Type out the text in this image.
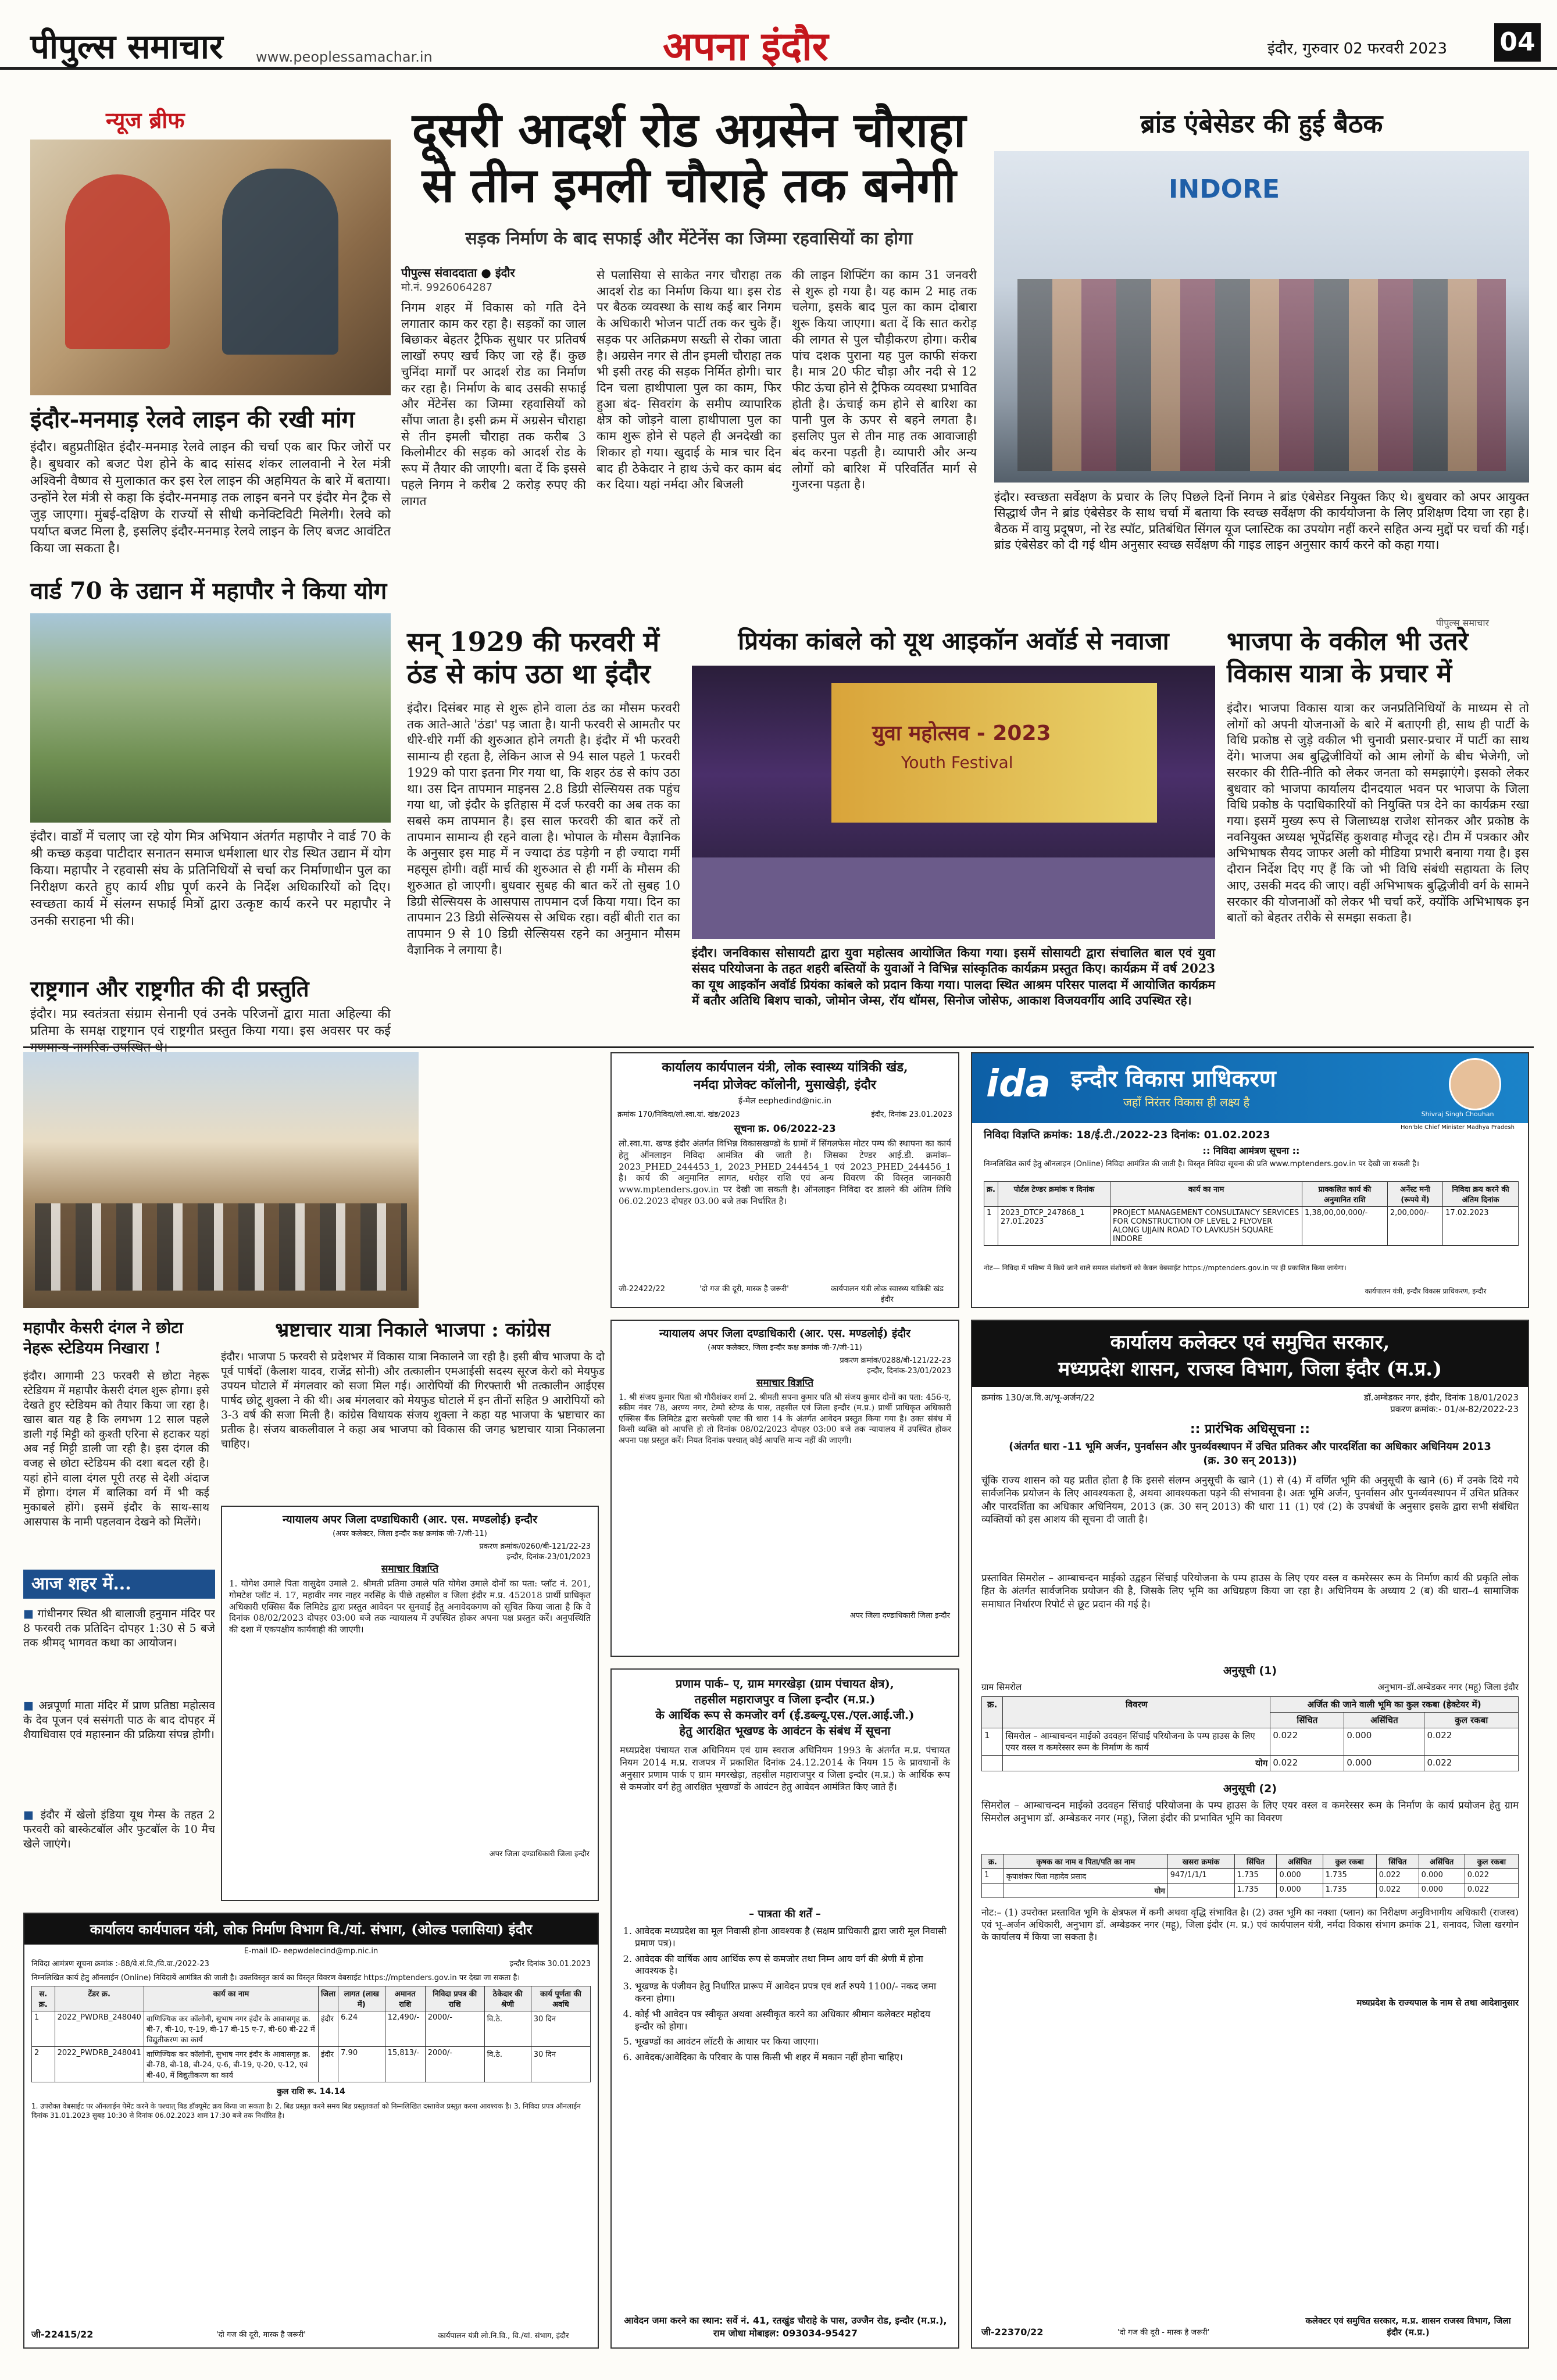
पीपुल्स समाचार www.peoplessamachar.in	अपना इंदौर	इंदौर, गुरुवार 02 फरवरी 2023 04
न्यूज ब्रीफ
इंदौर-मनमाड़ रेलवे लाइन की रखी मांग
इंदौर। बहुप्रतीक्षित इंदौर-मनमाड़ रेलवे लाइन की चर्चा एक बार फिर जोरों पर है। बुधवार को बजट पेश होने के बाद सांसद शंकर लालवानी ने रेल मंत्री अश्विनी वैष्णव से मुलाकात कर इस रेल लाइन की अहमियत के बारे में बताया। उन्होंने रेल मंत्री से कहा कि इंदौर-मनमाड़ तक लाइन बनने पर इंदौर मेन ट्रैक से जुड़ जाएगा। मुंबई-दक्षिण के राज्यों से सीधी कनेक्टिविटी मिलेगी। रेलवे को पर्याप्त बजट मिला है, इसलिए इंदौर-मनमाड़ रेलवे लाइन के लिए बजट आवंटित किया जा सकता है।
वार्ड 70 के उद्यान में महापौर ने किया योग
इंदौर। वार्डों में चलाए जा रहे योग मित्र अभियान अंतर्गत महापौर ने वार्ड 70 के श्री कच्छ कड़वा पाटीदार सनातन समाज धर्मशाला धार रोड स्थित उद्यान में योग किया। महापौर ने रहवासी संघ के प्रतिनिधियों से चर्चा कर निर्माणाधीन पुल का निरीक्षण करते हुए कार्य शीघ्र पूर्ण करने के निर्देश अधिकारियों को दिए। स्वच्छता कार्य में संलग्न सफाई मित्रों द्वारा उत्कृष्ट कार्य करने पर महापौर ने उनकी सराहना भी की।
राष्ट्रगान और राष्ट्रगीत की दी प्रस्तुति
इंदौर। मप्र स्वतंत्रता संग्राम सेनानी एवं उनके परिजनों द्वारा माता अहिल्या की प्रतिमा के समक्ष राष्ट्रगान एवं राष्ट्रगीत प्रस्तुत किया गया। इस अवसर पर कई
दूसरी आदर्श रोड अग्रसेन चौराहा
से तीन इमली चौराहे तक बनेगी
सड़क निर्माण के बाद सफाई और मेंटेनेंस का जिम्मा रहवासियों का होगा
पीपुल्स संवाददाता ● इंदौर
मो.नं. 9926064287
निगम शहर में विकास को गति देने लगातार काम कर रहा है। सड़कों का जाल बिछाकर बेहतर ट्रैफिक सुधार पर प्रतिवर्ष लाखों रुपए खर्च किए जा रहे हैं। कुछ चुनिंदा मार्गों पर आदर्श रोड का निर्माण कर रहा है। निर्माण के बाद उसकी सफाई और मेंटेनेंस का जिम्मा रहवासियों को सौंपा जाता है। इसी क्रम में अग्रसेन चौराहा से तीन इमली चौराहा तक करीब 3 किलोमीटर की सड़क को आदर्श रोड के रूप में तैयार की जाएगी। बता दें कि इससे पहले निगम ने करीब 2 करोड़ रुपए की लागत
से पलासिया से साकेत नगर चौराहा तक आदर्श रोड का निर्माण किया था। इस रोड पर बैठक व्यवस्था के साथ कई बार निगम के अधिकारी भोजन पार्टी तक कर चुके हैं। सड़क पर अतिक्रमण सख्ती से रोका जाता है। अग्रसेन नगर से तीन इमली चौराहा तक भी इसी तरह की सड़क निर्मित होगी। चार दिन चला हाथीपाला पुल का काम, फिर हुआ बंद- सिवरांग के समीप व्यापारिक क्षेत्र को जोड़ने वाला हाथीपाला पुल का काम शुरू होने से पहले ही अनदेखी का शिकार हो गया। खुदाई के मात्र चार दिन बाद ही ठेकेदार ने हाथ ऊंचे कर काम बंद कर दिया। यहां नर्मदा और बिजली
की लाइन शिफ्टिंग का काम 31 जनवरी से शुरू हो गया है। यह काम 2 माह तक चलेगा, इसके बाद पुल का काम दोबारा शुरू किया जाएगा। बता दें कि सात करोड़ की लागत से पुल चौड़ीकरण होगा। करीब पांच दशक पुराना यह पुल काफी संकरा है। मात्र 20 फीट चौड़ा और नदी से 12 फीट ऊंचा होने से ट्रैफिक व्यवस्था प्रभावित होती है। ऊंचाई कम होने से बारिश का पानी पुल के ऊपर से बहने लगता है। इसलिए पुल से तीन माह तक आवाजाही बंद करना पड़ती है। व्यापारी और अन्य लोगों को बारिश में परिवर्तित मार्ग से गुजरना पड़ता है।
ब्रांड एंबेसेडर की हुई बैठक
INDORE
इंदौर। स्वच्छता सर्वेक्षण के प्रचार के लिए पिछले दिनों निगम ने ब्रांड एंबेसेडर नियुक्त किए थे। बुधवार को अपर आयुक्त सिद्धार्थ जैन ने ब्रांड एंबेसेडर के साथ चर्चा में बताया कि स्वच्छ सर्वेक्षण की कार्ययोजना के लिए प्रशिक्षण दिया जा रहा है। बैठक में वायु प्रदूषण, नो रेड स्पॉट, प्रतिबंधित सिंगल यूज प्लास्टिक का उपयोग नहीं करने सहित अन्य मुद्दों पर चर्चा की गई। ब्रांड एंबेसेडर को दी गई थीम अनुसार स्वच्छ सर्वेक्षण की गाइड लाइन अनुसार कार्य करने को कहा गया।
पीपुल्स समाचार
सन् 1929 की फरवरी में
ठंड से कांप उठा था इंदौर
इंदौर। दिसंबर माह से शुरू होने वाला ठंड का मौसम फरवरी तक आते-आते 'ठंडा' पड़ जाता है। यानी फरवरी से आमतौर पर धीरे-धीरे गर्मी की शुरुआत होने लगती है। इंदौर में भी फरवरी सामान्य ही रहता है, लेकिन आज से 94 साल पहले 1 फरवरी 1929 को पारा इतना गिर गया था, कि शहर ठंड से कांप उठा था। उस दिन तापमान माइनस 2.8 डिग्री सेल्सियस तक पहुंच गया था, जो इंदौर के इतिहास में दर्ज फरवरी का अब तक का सबसे कम तापमान है। इस साल फरवरी की बात करें तो तापमान सामान्य ही रहने वाला है। भोपाल के मौसम वैज्ञानिक के अनुसार इस माह में न ज्यादा ठंड पड़ेगी न ही ज्यादा गर्मी महसूस होगी। वहीं मार्च की शुरुआत से ही गर्मी के मौसम की शुरुआत हो जाएगी। बुधवार सुबह की बात करें तो सुबह 10 डिग्री सेल्सियस के आसपास तापमान दर्ज किया गया। दिन का तापमान 23 डिग्री सेल्सियस से अधिक रहा। वहीं बीती रात का तापमान 9 से 10 डिग्री सेल्सियस रहने का अनुमान मौसम वैज्ञानिक ने लगाया है।
प्रियंका कांबले को यूथ आइकॉन अवॉर्ड से नवाजा
युवा महोत्सव - 2023
Youth Festival
इंदौर। जनविकास सोसायटी द्वारा युवा महोत्सव आयोजित किया गया। इसमें सोसायटी द्वारा संचालित बाल एवं युवा संसद परियोजना के तहत शहरी बस्तियों के युवाओं ने विभिन्न सांस्कृतिक कार्यक्रम प्रस्तुत किए। कार्यक्रम में वर्ष 2023 का यूथ आइकॉन अवॉर्ड प्रियंका कांबले को प्रदान किया गया। पालदा स्थित आश्रम परिसर पालदा में आयोजित कार्यक्रम में बतौर अतिथि बिशप चाको, जोमोन जेम्स, रॉय थॉमस, सिनोज जोसेफ, आकाश विजयवर्गीय आदि उपस्थित रहे।
भाजपा के वकील भी उतरे
विकास यात्रा के प्रचार में
इंदौर। भाजपा विकास यात्रा कर जनप्रतिनिधियों के माध्यम से तो लोगों को अपनी योजनाओं के बारे में बताएगी ही, साथ ही पार्टी के विधि प्रकोष्ठ से जुड़े वकील भी चुनावी प्रसार-प्रचार में पार्टी का साथ देंगे। भाजपा अब बुद्धिजीवियों को आम लोगों के बीच भेजेगी, जो सरकार की रीति-नीति को लेकर जनता को समझाएंगे। इसको लेकर बुधवार को भाजपा कार्यालय दीनदयाल भवन पर भाजपा के जिला विधि प्रकोष्ठ के पदाधिकारियों को नियुक्ति पत्र देने का कार्यक्रम रखा गया। इसमें मुख्य रूप से जिलाध्यक्ष राजेश सोनकर और प्रकोष्ठ के नवनियुक्त अध्यक्ष भूपेंद्रसिंह कुशवाह मौजूद रहे। टीम में पत्रकार और अभिभाषक सैयद जाफर अली को मीडिया प्रभारी बनाया गया है। इस दौरान निर्देश दिए गए हैं कि जो भी विधि संबंधी सहायता के लिए आए, उसकी मदद की जाए। वहीं अभिभाषक बुद्धिजीवी वर्ग के सामने सरकार की योजनाओं को लेकर भी चर्चा करें, क्योंकि अभिभाषक इन बातों को बेहतर तरीके से समझा सकता है।
महापौर केसरी दंगल ने छोटा
नेहरू स्टेडियम निखारा !
इंदौर। आगामी 23 फरवरी से छोटा नेहरू स्टेडियम में महापौर केसरी दंगल शुरू होगा। इसे देखते हुए स्टेडियम को तैयार किया जा रहा है। खास बात यह है कि लगभग 12 साल पहले डाली गई मिट्टी को कुश्ती एरिना से हटाकर यहां अब नई मिट्टी डाली जा रही है। इस दंगल की वजह से छोटा स्टेडियम की दशा बदल रही है। यहां होने वाला दंगल पूरी तरह से देशी अंदाज में होगा। दंगल में बालिका वर्ग में भी कई मुकाबले होंगे। इसमें इंदौर के साथ-साथ आसपास के नामी पहलवान देखने को मिलेंगे।
आज शहर में...
■ गांधीनगर स्थित श्री बालाजी हनुमान मंदिर पर 8 फरवरी तक प्रतिदिन दोपहर 1:30 से 5 बजे तक श्रीमद् भागवत कथा का आयोजन।
■ अन्नपूर्णा माता मंदिर में प्राण प्रतिष्ठा महोत्सव के देव पूजन एवं ससंगती पाठ के बाद दोपहर में शैयाधिवास एवं महास्नान की प्रक्रिया संपन्न होगी।
■ इंदौर में खेलो इंडिया यूथ गेम्स के तहत 2 फरवरी को बास्केटबॉल और फुटबॉल के 10 मैच खेले जाएंगे।
भ्रष्टाचार यात्रा निकाले भाजपा : कांग्रेस
इंदौर। भाजपा 5 फरवरी से प्रदेशभर में विकास यात्रा निकालने जा रही है। इसी बीच भाजपा के दो पूर्व पार्षदों (कैलाश यादव, राजेंद्र सोनी) और तत्कालीन एमआईसी सदस्य सूरज केरो को मेयफुड उपयन घोटाले में मंगलवार को सजा मिल गई। आरोपियों की गिरफ्तारी भी तत्कालीन आईएस पार्षद छोटू शुक्ला ने की थी। अब मंगलवार को मेयफुड घोटाले में इन तीनों सहित 9 आरोपियों को 3-3 वर्ष की सजा मिली है। कांग्रेस विधायक संजय शुक्ला ने कहा यह भाजपा के भ्रष्टाचार का प्रतीक है। संजय बाकलीवाल ने कहा अब भाजपा को विकास की जगह भ्रष्टाचार यात्रा निकालना चाहिए।
कार्यालय कार्यपालन यंत्री, लोक स्वास्थ्य यांत्रिकी खंड,
नर्मदा प्रोजेक्ट कॉलोनी, मुसाखेड़ी, इंदौर
ई-मेल eephedind@nic.in
क्रमांक 170/निविदा/लो.स्वा.यां. खंड/2023	इंदौर, दिनांक 23.01.2023
सूचना क्र. 06/2022-23
लो.स्वा.या. खण्ड इंदौर अंतर्गत विभिन्न विकासखण्डों के ग्रामों में सिंगलफेस मोटर पम्प की स्थापना का कार्य हेतु ऑनलाइन निविदा आमंत्रित की जाती है। जिसका टेण्डर आई.डी. क्रमांक– 2023_PHED_244453_1, 2023_PHED_244454_1 एवं 2023_PHED_244456_1 है। कार्य की अनुमानित लागत, धरोहर राशि एवं अन्य विवरण की विस्तृत जानकारी www.mptenders.gov.in पर देखी जा सकती है। ऑनलाइन निविदा दर डालने की अंतिम तिथि 06.02.2023 दोपहर 03.00 बजे तक निर्धारित है।
जी-22422/22	'दो गज की दूरी, मास्क है जरूरी'	कार्यपालन यंत्री लोक स्वास्थ्य यांत्रिकी खंड इंदौर
ida इन्दौर विकास प्राधिकरण
जहाँ निरंतर विकास ही लक्ष्य है
Shivraj Singh Chouhan
Hon'ble Chief Minister Madhya Pradesh
निविदा विज्ञप्ति क्रमांक: 18/ई.टी./2022-23 दिनांक: 01.02.2023
:: निविदा आमंत्रण सूचना ::
निम्नलिखित कार्य हेतु ऑनलाइन (Online) निविदा आमंत्रित की जाती है। विस्तृत निविदा सूचना की प्रति www.mptenders.gov.in पर देखी जा सकती है।
क्र.	पोर्टल टेण्डर क्रमांक व दिनांक	कार्य का नाम	प्राक्कलित कार्य की अनुमानित राशि	अर्नेस्ट मनी (रूपये में)	निविदा क्रय करने की अंतिम दिनांक
1	2023_DTCP_247868_1 27.01.2023	PROJECT MANAGEMENT CONSULTANCY SERVICES FOR CONSTRUCTION OF LEVEL 2 FLYOVER ALONG UJJAIN ROAD TO LAVKUSH SQUARE INDORE	1,38,00,00,000/-	2,00,000/-	17.02.2023
नोट— निविदा में भविष्य में किये जाने वाले समस्त संशोधनों को केवल वेबसाईट https://mptenders.gov.in पर ही प्रकाशित किया जायेगा।
कार्यपालन यंत्री, इन्दौर विकास प्राधिकरण, इन्दौर
न्यायालय अपर जिला दण्डाधिकारी (आर. एस. मण्डलोई) इंदौर
(अपर कलेक्टर, जिला इन्दौर कक्ष क्रमांक जी-7/जी-11)
प्रकरण क्रमांक/0288/बी-121/22-23
इन्दौर, दिनांक-23/01/2023
समाचार विज्ञप्ति
1. श्री संजय कुमार पिता श्री गौरीशंकर शर्मा 2. श्रीमती सपना कुमार पति श्री संजय कुमार दोनों का पता: 456-ए, स्कीम नंबर 78, अरण्य नगर, टेम्पो स्टेण्ड के पास, तहसील एवं जिला इन्दौर (म.प्र.) प्रार्थी प्राधिकृत अधिकारी एक्सिस बैंक लिमिटेड द्वारा सरफेसी एक्ट की धारा 14 के अंतर्गत आवेदन प्रस्तुत किया गया है। उक्त संबंध में किसी व्यक्ति को आपत्ति हो तो दिनांक 08/02/2023 दोपहर 03:00 बजे तक न्यायालय में उपस्थित होकर अपना पक्ष प्रस्तुत करें। नियत दिनांक पश्चात् कोई आपत्ति मान्य नहीं की जाएगी।
अपर जिला दण्डाधिकारी जिला इन्दौर
न्यायालय अपर जिला दण्डाधिकारी (आर. एस. मण्डलोई) इन्दौर
(अपर कलेक्टर, जिला इन्दौर कक्ष क्रमांक जी-7/जी-11)
प्रकरण क्रमांक/0260/बी-121/22-23
इन्दौर, दिनांक-23/01/2023
समाचार विज्ञप्ति
1. योगेश उमाले पिता वासुदेव उमाले 2. श्रीमती प्रतिमा उमाले पति योगेश उमाले दोनों का पता: प्लॉट नं. 201, गोमटेश प्लॉट नं. 17, महावीर नगर नाहर नरसिंह के पीछे तहसील व जिला इंदौर म.प्र. 452018 प्रार्थी प्राधिकृत अधिकारी एक्सिस बैंक लिमिटेड द्वारा प्रस्तुत आवेदन पर सुनवाई हेतु अनावेदकगण को सूचित किया जाता है कि वे दिनांक 08/02/2023 दोपहर 03:00 बजे तक न्यायालय में उपस्थित होकर अपना पक्ष प्रस्तुत करें। अनुपस्थिति की दशा में एकपक्षीय कार्यवाही की जाएगी।
अपर जिला दण्डाधिकारी जिला इन्दौर
प्रणाम पार्क– ए, ग्राम मगरखेड़ा (ग्राम पंचायत क्षेत्र),
तहसील महाराजपुर व जिला इन्दौर (म.प्र.)
के आर्थिक रूप से कमजोर वर्ग (ई.डब्ल्यू.एस./एल.आई.जी.)
हेतु आरक्षित भूखण्ड के आवंटन के संबंध में सूचना
मध्यप्रदेश पंचायत राज अधिनियम एवं ग्राम स्वराज अधिनियम 1993 के अंतर्गत म.प्र. पंचायत नियम 2014 म.प्र. राजपत्र में प्रकाशित दिनांक 24.12.2014 के नियम 15 के प्रावधानों के अनुसार प्रणाम पार्क ए ग्राम मगरखेड़ा, तहसील महाराजपुर व जिला इन्दौर (म.प्र.) के आर्थिक रूप से कमजोर वर्ग हेतु आरक्षित भूखण्डों के आवंटन हेतु आवेदन आमंत्रित किए जाते हैं।
– पात्रता की शर्तें –
1. आवेदक मध्यप्रदेश का मूल निवासी होना आवश्यक है (सक्षम प्राधिकारी द्वारा जारी मूल निवासी प्रमाण पत्र)।
2. आवेदक की वार्षिक आय आर्थिक रूप से कमजोर तथा निम्न आय वर्ग की श्रेणी में होना आवश्यक है।
3. भूखण्ड के पंजीयन हेतु निर्धारित प्रारूप में आवेदन प्रपत्र एवं शर्त रुपये 1100/- नकद जमा करना होगा।
4. कोई भी आवेदन पत्र स्वीकृत अथवा अस्वीकृत करने का अधिकार श्रीमान कलेक्टर महोदय इन्दौर को होगा।
5. भूखण्डों का आवंटन लॉटरी के आधार पर किया जाएगा।
6. आवेदक/आवेदिका के परिवार के पास किसी भी शहर में मकान नहीं होना चाहिए।
आवेदन जमा करने का स्थान: सर्वे नं. 41, रतखुंड चौराहे के पास, उज्जैन रोड, इन्दौर (म.प्र.), राम जोधा मोबाइल: 093034-95427
कार्यालय कलेक्टर एवं समुचित सरकार,
मध्यप्रदेश शासन, राजस्व विभाग, जिला इंदौर (म.प्र.)
क्रमांक 130/अ.वि.अ/भू-अर्जन/22	डॉ.अम्बेडकर नगर, इंदौर, दिनांक 18/01/2023
प्रकरण क्रमांक:- 01/अ-82/2022-23
:: प्रारंभिक अधिसूचना ::
(अंतर्गत धारा -11 भूमि अर्जन, पुनर्वासन और पुनर्व्यवस्थापन में उचित प्रतिकर और पारदर्शिता का अधिकार अधिनियम 2013 (क्र. 30 सन् 2013))
चूंकि राज्य शासन को यह प्रतीत होता है कि इससे संलग्न अनुसूची के खाने (1) से (4) में वर्णित भूमि की अनुसूची के खाने (6) में उनके दिये गये सार्वजनिक प्रयोजन के लिए आवश्यकता है, अथवा आवश्यकता पड़ने की संभावना है। अतः भूमि अर्जन, पुनर्वासन और पुनर्व्यवस्थापन में उचित प्रतिकर और पारदर्शिता का अधिकार अधिनियम, 2013 (क्र. 30 सन् 2013) की धारा 11 (1) एवं (2) के उपबंधों के अनुसार इसके द्वारा सभी संबंधित व्यक्तियों को इस आशय की सूचना दी जाती है।
प्रस्तावित सिमरोल – आम्बाचन्दन माईको उद्वहन सिंचाई परियोजना के पम्प हाउस के लिए एयर वस्ल व कमरेस्सर रूम के निर्माण कार्य की प्रकृति लोक हित के अंतर्गत सार्वजनिक प्रयोजन की है, जिसके लिए भूमि का अधिग्रहण किया जा रहा है। अधिनियम के अध्याय 2 (ब) की धारा–4 सामाजिक समाघात निर्धारण रिपोर्ट से छूट प्रदान की गई है।
अनुसूची (1)
ग्राम सिमरोल	अनुभाग–डॉ.अम्बेडकर नगर (महू) जिला इंदौर
क्र.	विवरण	अर्जित की जाने वाली भूमि का कुल रकबा (हेक्टेयर में)		
		सिंचित	असिंचित	कुल रकबा
1	सिमरोल – आम्बाचन्दन माईको उदवहन सिंचाई परियोजना के पम्प हाउस के लिए एयर वस्ल व कमरेस्सर रूम के निर्माण के कार्य	0.022	0.000	0.022
	योग	0.022	0.000	0.022
अनुसूची (2)
सिमरोल – आम्बाचन्दन माईको उदवहन सिंचाई परियोजना के पम्प हाउस के लिए एयर वस्ल व कमरेस्सर रूम के निर्माण के कार्य प्रयोजन हेतु ग्राम सिमरोल अनुभाग डॉ. अम्बेडकर नगर (महू), जिला इंदौर की प्रभावित भूमि का विवरण
क्र.	कृषक का नाम व पिता/पति का नाम	खसरा क्रमांक	सिंचित	असिंचित	कुल रकबा	सिंचित	असिंचित	कुल रकबा
1	कृपाशंकर पिता महादेव प्रसाद	947/1/1/1	1.735	0.000	1.735	0.022	0.000	0.022
	योग		1.735	0.000	1.735	0.022	0.000	0.022
नोट:– (1) उपरोक्त प्रस्तावित भूमि के क्षेत्रफल में कमी अथवा वृद्धि संभावित है। (2) उक्त भूमि का नक्शा (प्लान) का निरीक्षण अनुविभागीय अधिकारी (राजस्व) एवं भू–अर्जन अधिकारी, अनुभाग डॉ. अम्बेडकर नगर (महू), जिला इंदौर (म. प्र.) एवं कार्यपालन यंत्री, नर्मदा विकास संभाग क्रमांक 21, सनावद, जिला खरगोन के कार्यालय में किया जा सकता है।
मध्यप्रदेश के राज्यपाल के नाम से तथा आदेशानुसार
कलेक्टर एवं समुचित सरकार, म.प्र. शासन राजस्व विभाग, जिला इंदौर (म.प्र.)
जी-22370/22	'दो गज की दूरी - मास्क है जरूरी'
कार्यालय कार्यपालन यंत्री, लोक निर्माण विभाग वि./यां. संभाग, (ओल्ड पलासिया) इंदौर
E-mail ID- eepwdelecind@mp.nic.in
निविदा आमंत्रण सूचना क्रमांक :-88/वे.सं.वि./वि.वा./2022-23	इन्दौर दिनांक 30.01.2023
निम्नलिखित कार्य हेतु ऑनलाईन (Online) निविदायें आमंत्रित की जाती है। उक्तविस्तृत कार्य का विस्तृत विवरण वेबसाईट https://mptenders.gov.in पर देखा जा सकता है।
स. क्र.	टेंडर क्र.	कार्य का नाम	जिला	लागत (लाख में)	अमानत राशि	निविदा प्रपत्र की राशि	ठेकेदार की श्रेणी	कार्य पूर्णता की अवधि
1	2022_PWDRB_248040	वाणिज्यिक कर कॉलोनी, सुभाष नगर इंदौर के आवासगृह क्र. बी-7, बी-10, ए-19, बी-17 बी-15 ए-7, बी-60 बी-22 में विद्युतीकरण का कार्य	इंदौर	6.24	12,490/-	2000/-	वि.ठे.	30 दिन
2	2022_PWDRB_248041	वाणिज्यिक कर कॉलोनी, सुभाष नगर इंदौर के आवासगृह क्र. बी-78, बी-18, बी-24, ए-6, बी-19, ए-20, ए-12, एवं बी-40, में विद्युतीकरण का कार्य	इंदौर	7.90	15,813/-	2000/-	वि.ठे.	30 दिन
कुल राशि रू. 14.14
1. उपरोक्त वेबसाईट पर ऑनलाईन पेमेंट करने के पश्चात् बिड डॉक्यूमेंट क्रय किया जा सकता है। 2. बिड प्रस्तुत करने समय बिड प्रस्तुतकर्ता को निम्नलिखित दस्तावेज प्रस्तुत करना आवश्यक है। 3. निविदा प्रपत्र ऑनलाईन दिनांक 31.01.2023 सुबह 10:30 से दिनांक 06.02.2023 शाम 17:30 बजे तक निर्धारित है।
जी-22415/22	'दो गज की दूरी, मास्क है जरूरी'	कार्यपालन यंत्री लो.नि.वि., वि./यां. संभाग, इंदौर
